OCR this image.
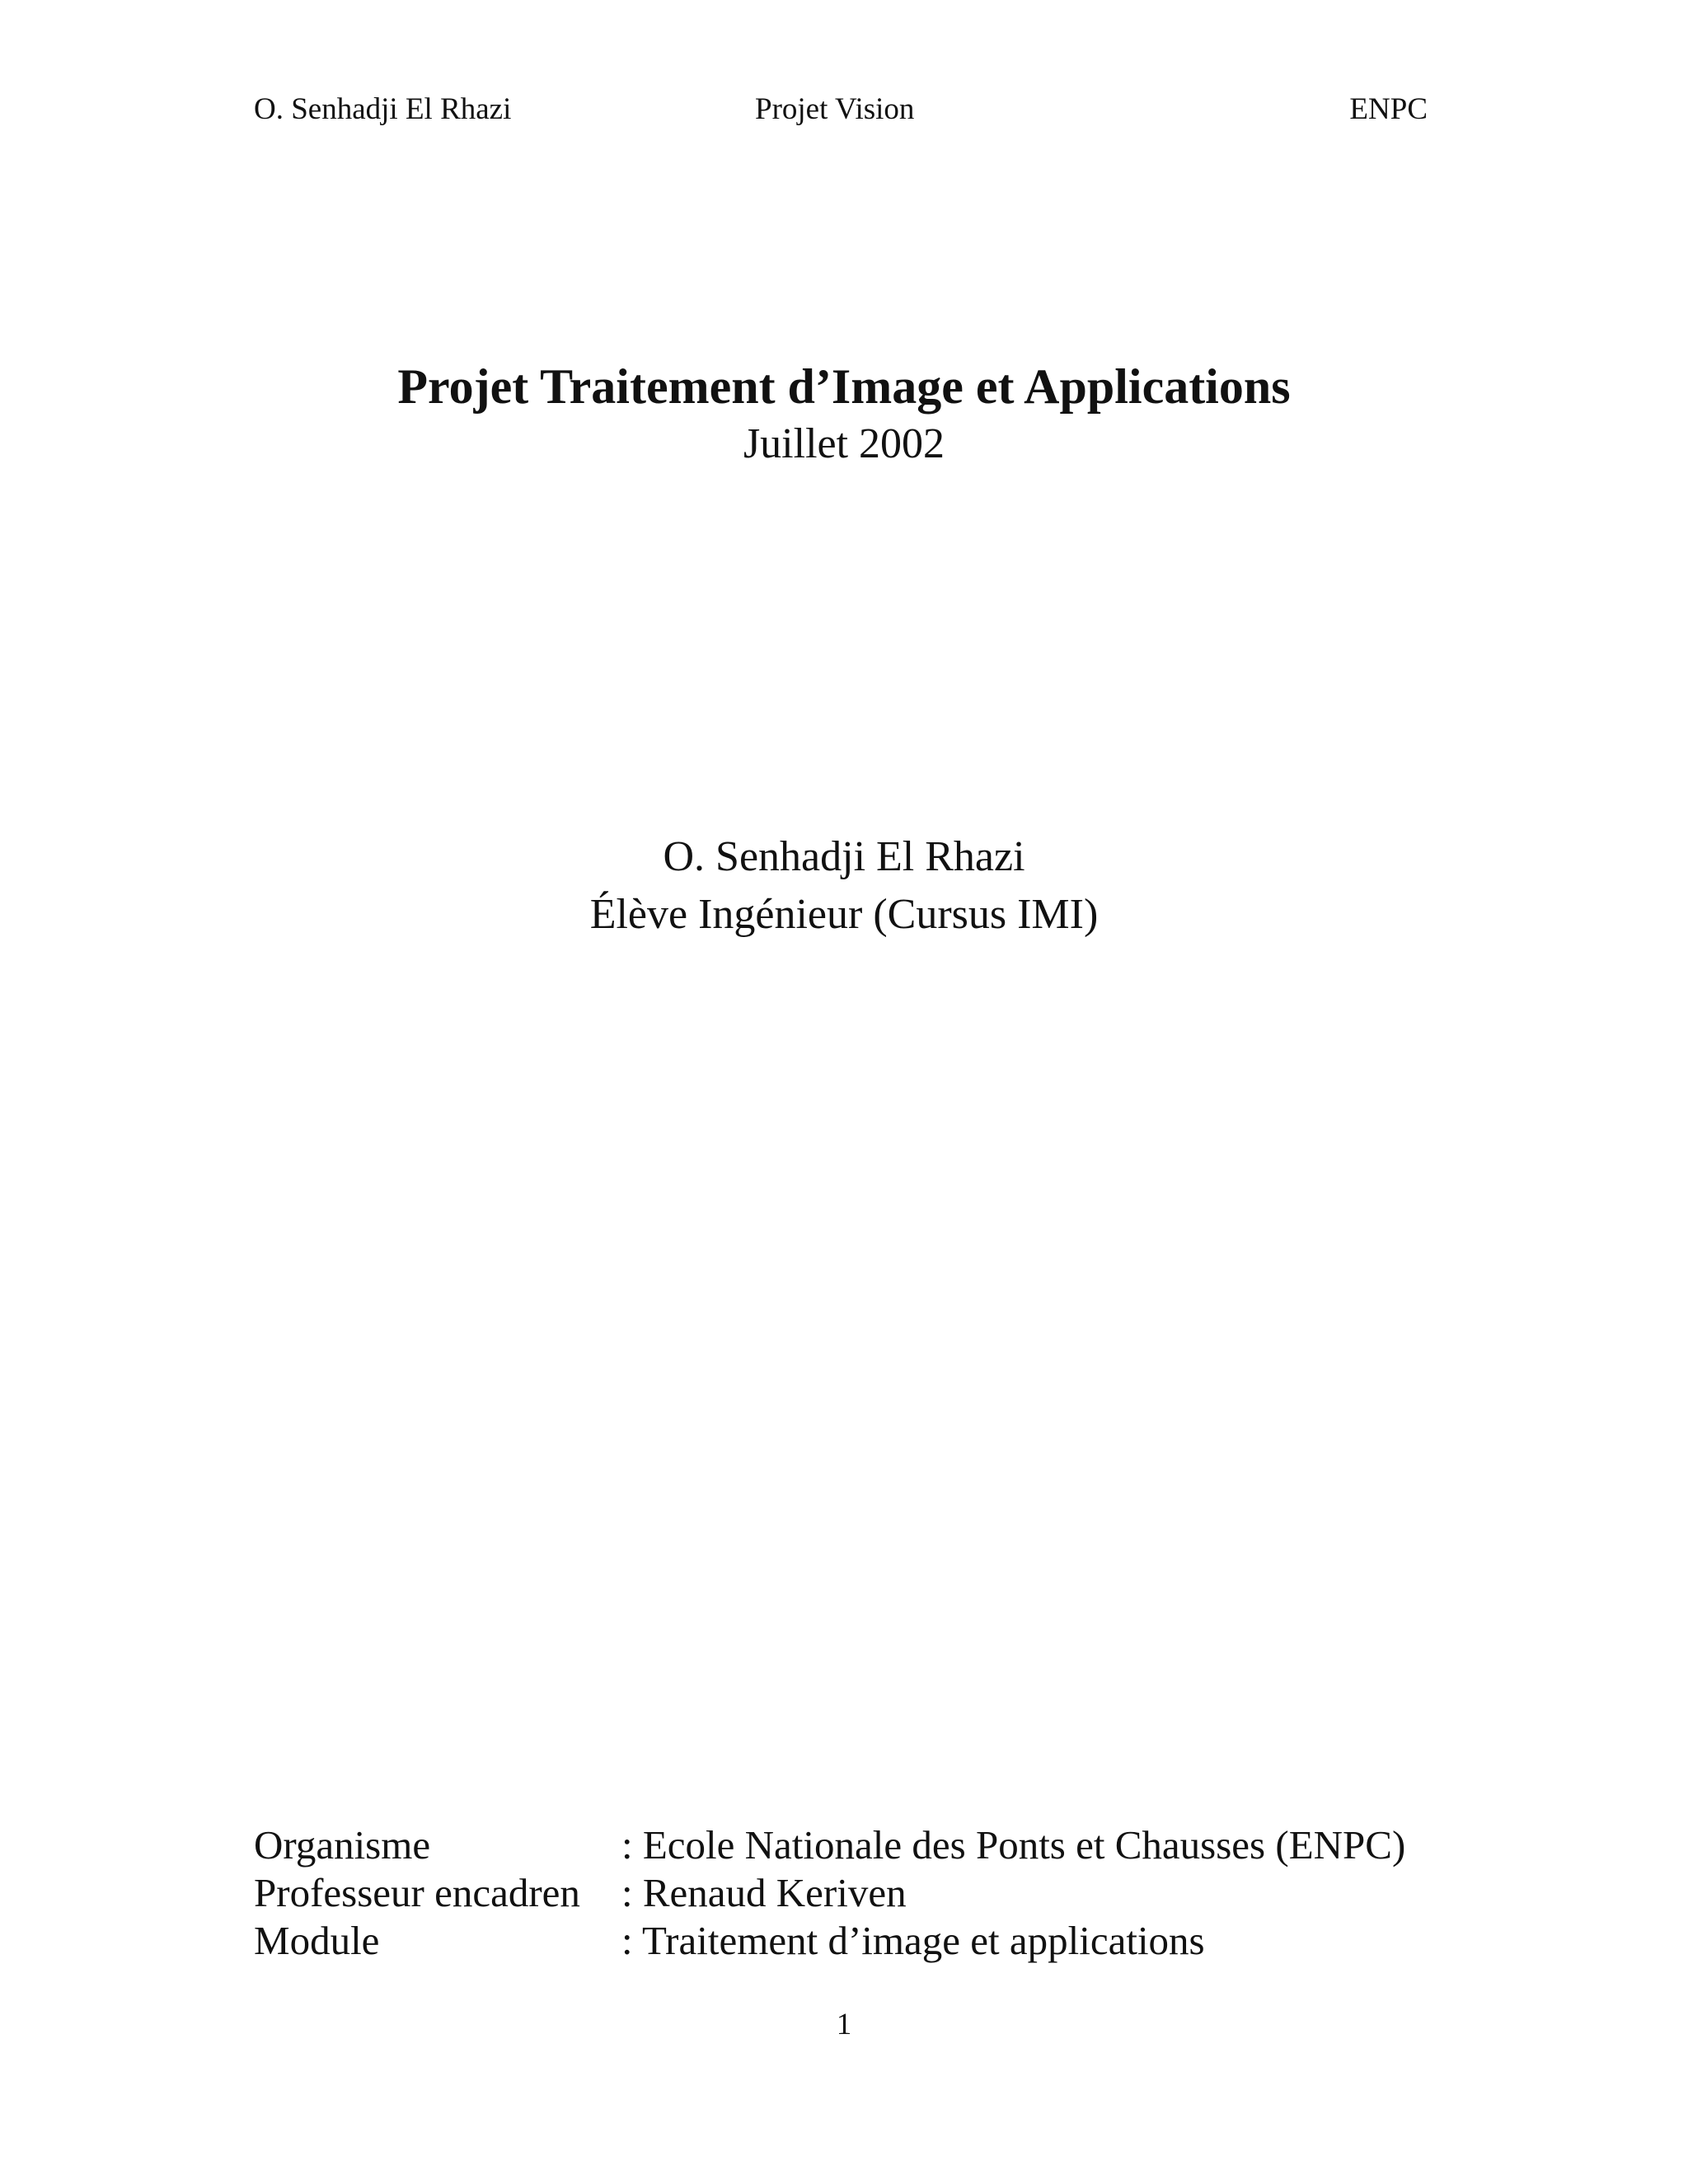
O. Senhadji El Rhazi	Projet Vision	ENPC

Projet Traitement d’Image et Applications

Juillet 2002

O. Senhadji El Rhazi
Élève Ingénieur (Cursus IMI)
Organisme	: Ecole Nationale des Ponts et Chausses (ENPC)
Professeur encadren : Renaud Keriven
Module	: Traitement d’image et applications
1
